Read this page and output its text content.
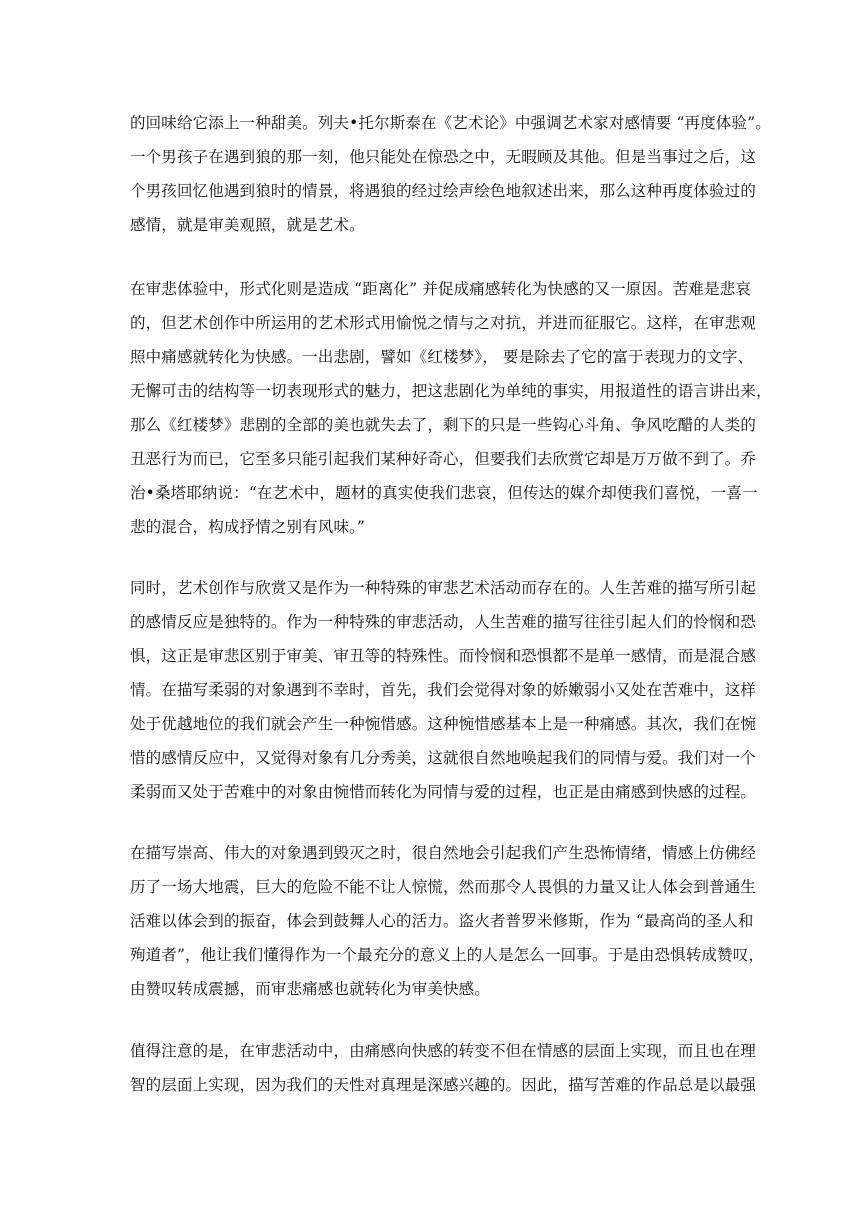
的回味给它添上一种甜美。列夫•托尔斯泰在《艺术论》中强调艺术家对感情要 “再度体验”。
一个男孩子在遇到狼的那一刻，他只能处在惊恐之中，无暇顾及其他。但是当事过之后，这
个男孩回忆他遇到狼时的情景，将遇狼的经过绘声绘色地叙述出来，那么这种再度体验过的
感情，就是审美观照，就是艺术。
在审悲体验中，形式化则是造成 “距离化” 并促成痛感转化为快感的又一原因。苦难是悲哀
的，但艺术创作中所运用的艺术形式用愉悦之情与之对抗，并进而征服它。这样，在审悲观
照中痛感就转化为快感。一出悲剧，譬如《红楼梦》， 要是除去了它的富于表现力的文字、
无懈可击的结构等一切表现形式的魅力，把这悲剧化为单纯的事实，用报道性的语言讲出来，
那么《红楼梦》悲剧的全部的美也就失去了，剩下的只是一些钩心斗角、争风吃醋的人类的
丑恶行为而已，它至多只能引起我们某种好奇心，但要我们去欣赏它却是万万做不到了。乔
治•桑塔耶纳说：“在艺术中，题材的真实使我们悲哀，但传达的媒介却使我们喜悦，一喜一
悲的混合，构成抒情之别有风味。”
同时，艺术创作与欣赏又是作为一种特殊的审悲艺术活动而存在的。人生苦难的描写所引起
的感情反应是独特的。作为一种特殊的审悲活动，人生苦难的描写往往引起人们的怜悯和恐
惧，这正是审悲区别于审美、审丑等的特殊性。而怜悯和恐惧都不是单一感情，而是混合感
情。在描写柔弱的对象遇到不幸时，首先，我们会觉得对象的娇嫩弱小又处在苦难中，这样
处于优越地位的我们就会产生一种惋惜感。这种惋惜感基本上是一种痛感。其次，我们在惋
惜的感情反应中，又觉得对象有几分秀美，这就很自然地唤起我们的同情与爱。我们对一个
柔弱而又处于苦难中的对象由惋惜而转化为同情与爱的过程，也正是由痛感到快感的过程。
在描写崇高、伟大的对象遇到毁灭之时，很自然地会引起我们产生恐怖情绪，情感上仿佛经
历了一场大地震，巨大的危险不能不让人惊慌，然而那令人畏惧的力量又让人体会到普通生
活难以体会到的振奋，体会到鼓舞人心的活力。盗火者普罗米修斯，作为 “最高尚的圣人和
殉道者”，他让我们懂得作为一个最充分的意义上的人是怎么一回事。于是由恐惧转成赞叹，
由赞叹转成震撼，而审悲痛感也就转化为审美快感。
值得注意的是，在审悲活动中，由痛感向快感的转变不但在情感的层面上实现，而且也在理
智的层面上实现，因为我们的天性对真理是深感兴趣的。因此，描写苦难的作品总是以最强
